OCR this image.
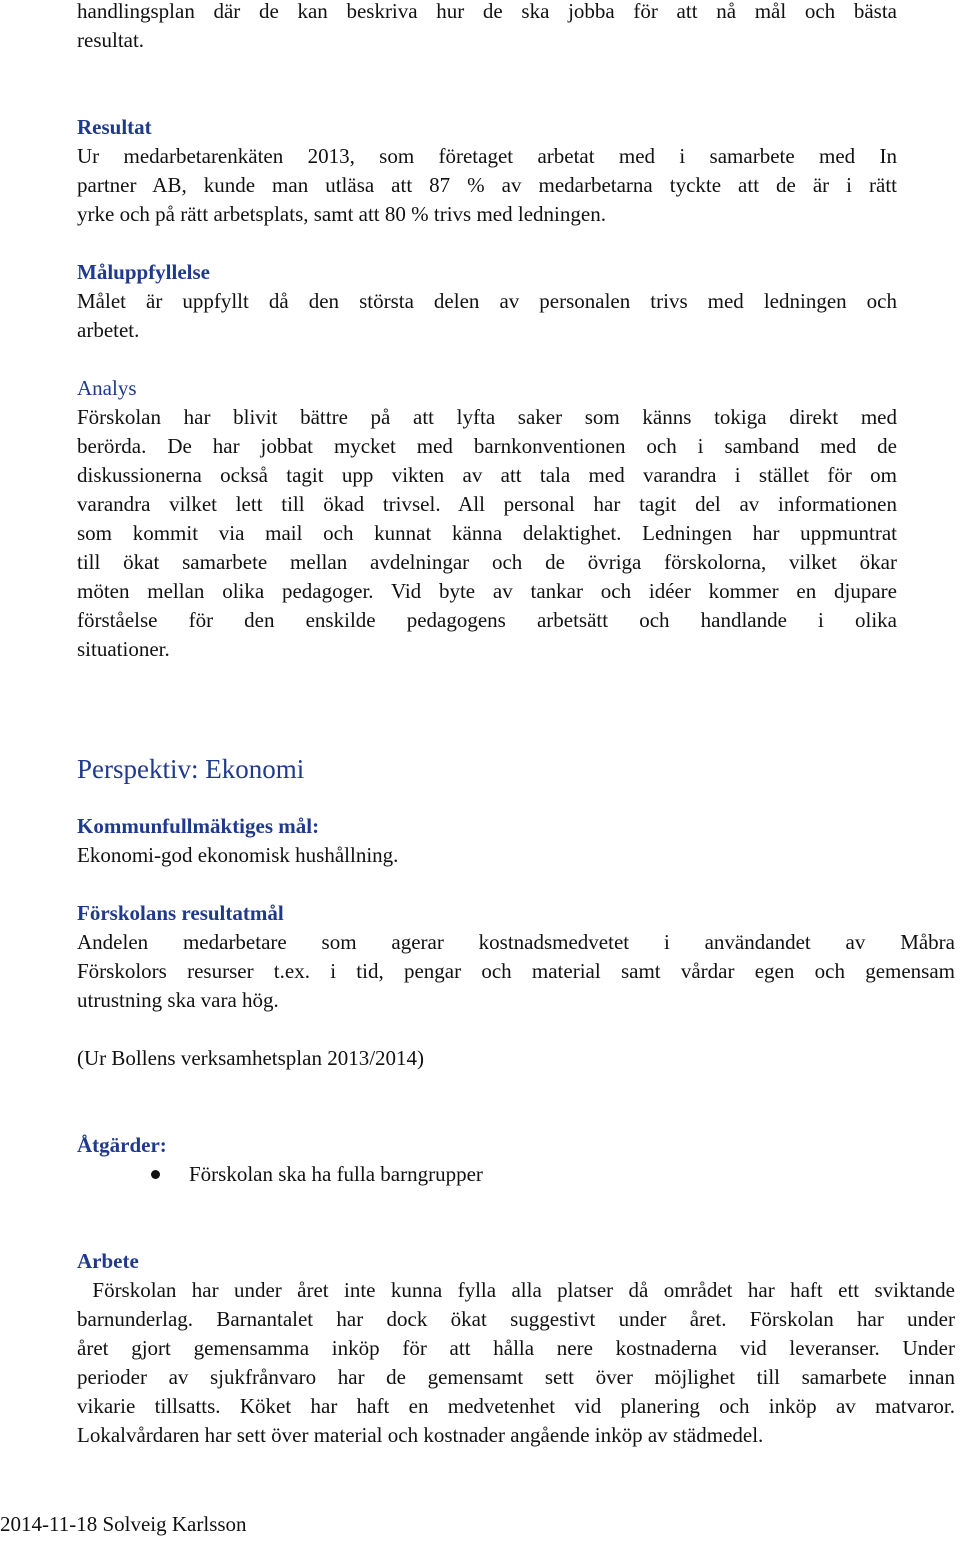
handlingsplan där de kan beskriva hur de ska jobba för att nå mål och bästa

resultat.

Resultat

Ur medarbetarenkäten 2013, som företaget arbetat med i samarbete med In

partner AB, kunde man utläsa att 87 % av medarbetarna tyckte att de är i rätt

yrke och på rätt arbetsplats, samt att 80 % trivs med ledningen.

Måluppfyllelse

Målet är uppfyllt då den största delen av personalen trivs med ledningen och

arbetet.

Analys

Förskolan har blivit bättre på att lyfta saker som känns tokiga direkt med

berörda. De har jobbat mycket med barnkonventionen och i samband med de

diskussionerna också tagit upp vikten av att tala med varandra i stället för om

varandra vilket lett till ökad trivsel. All personal har tagit del av informationen

som kommit via mail och kunnat känna delaktighet. Ledningen har uppmuntrat

till ökat samarbete mellan avdelningar och de övriga förskolorna, vilket ökar

möten mellan olika pedagoger. Vid byte av tankar och idéer kommer en djupare

förståelse för den enskilde pedagogens arbetsätt och handlande i olika

situationer.

Perspektiv: Ekonomi

Kommunfullmäktiges mål:

Ekonomi-god ekonomisk hushållning.

Förskolans resultatmål

Andelen medarbetare som agerar kostnadsmedvetet i användandet av Måbra

Förskolors resurser t.ex. i tid, pengar och material samt vårdar egen och gemensam

utrustning ska vara hög.

(Ur Bollens verksamhetsplan 2013/2014)

Åtgärder:

Förskolan ska ha fulla barngrupper

Arbete

Förskolan har under året inte kunna fylla alla platser då området har haft ett sviktande

barnunderlag. Barnantalet har dock ökat suggestivt under året. Förskolan har under

året gjort gemensamma inköp för att hålla nere kostnaderna vid leveranser. Under

perioder av sjukfrånvaro har de gemensamt sett över möjlighet till samarbete innan

vikarie tillsatts. Köket har haft en medvetenhet vid planering och inköp av matvaror.

Lokalvårdaren har sett över material och kostnader angående inköp av städmedel.

2014-11-18 Solveig Karlsson
